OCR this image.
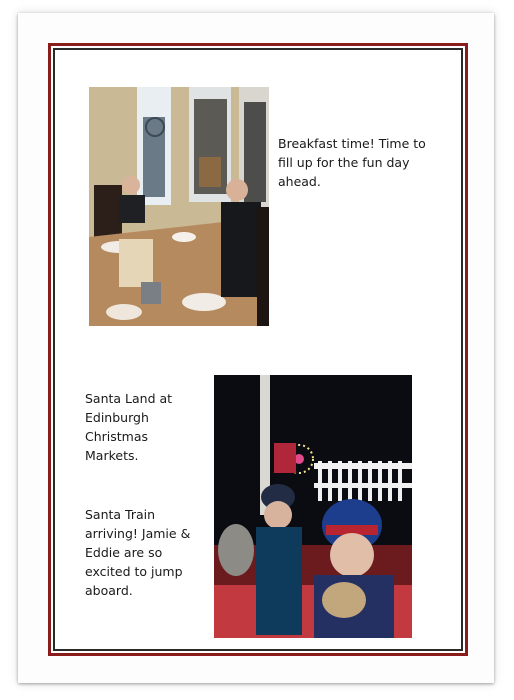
Breakfast time! Time to fill up for the fun day ahead.

Santa Land at Edinburgh Christmas Markets.

Santa Train arriving! Jamie & Eddie are so excited to jump aboard.
